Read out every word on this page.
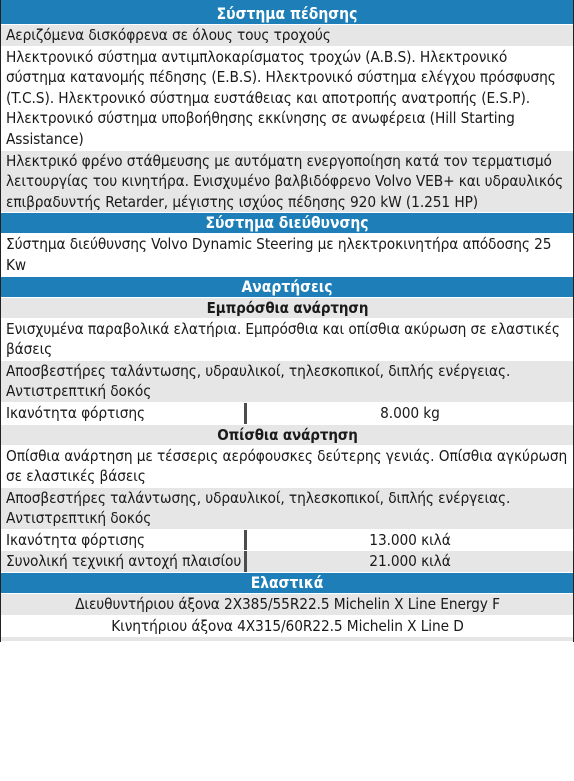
Σύστημα πέδησης
Αεριζόμενα δισκόφρενα σε όλους τους τροχούς
Ηλεκτρονικό σύστημα αντιμπλοκαρίσματος τροχών (A.B.S). Ηλεκτρονικό σύστημα κατανομής πέδησης (E.B.S). Ηλεκτρονικό σύστημα ελέγχου πρόσφυσης (T.C.S). Ηλεκτρονικό σύστημα ευστάθειας και αποτροπής ανατροπής (E.S.P). Ηλεκτρονικό σύστημα υποβοήθησης εκκίνησης σε ανωφέρεια (Hill Starting Assistance)
Ηλεκτρικό φρένο στάθμευσης με αυτόματη ενεργοποίηση κατά τον τερματισμό λειτουργίας του κινητήρα. Ενισχυμένο βαλβιδόφρενο Volvo VEB+ και υδραυλικός επιβραδυντής Retarder, μέγιστης ισχύος πέδησης 920 kW (1.251 HP)
Σύστημα διεύθυνσης
Σύστημα διεύθυνσης Volvo Dynamic Steering με ηλεκτροκινητήρα απόδοσης 25 Kw
Αναρτήσεις
Εμπρόσθια ανάρτηση
Ενισχυμένα παραβολικά ελατήρια. Εμπρόσθια και οπίσθια ακύρωση σε ελαστικές βάσεις
Αποσβεστήρες ταλάντωσης, υδραυλικοί, τηλεσκοπικοί, διπλής ενέργειας. Αντιστρεπτική δοκός
Ικανότητα φόρτισης	8.000 kg
Οπίσθια ανάρτηση
Οπίσθια ανάρτηση με τέσσερις αερόφουσκες δεύτερης γενιάς. Οπίσθια αγκύρωση σε ελαστικές βάσεις
Αποσβεστήρες ταλάντωσης, υδραυλικοί, τηλεσκοπικοί, διπλής ενέργειας. Αντιστρεπτική δοκός
Ικανότητα φόρτισης	13.000 κιλά
Συνολική τεχνική αντοχή πλαισίου	21.000 κιλά
Ελαστικά
Διευθυντήριου άξονα 2X385/55R22.5 Michelin X Line Energy F
Κινητήριου άξονα 4X315/60R22.5 Michelin X Line D
